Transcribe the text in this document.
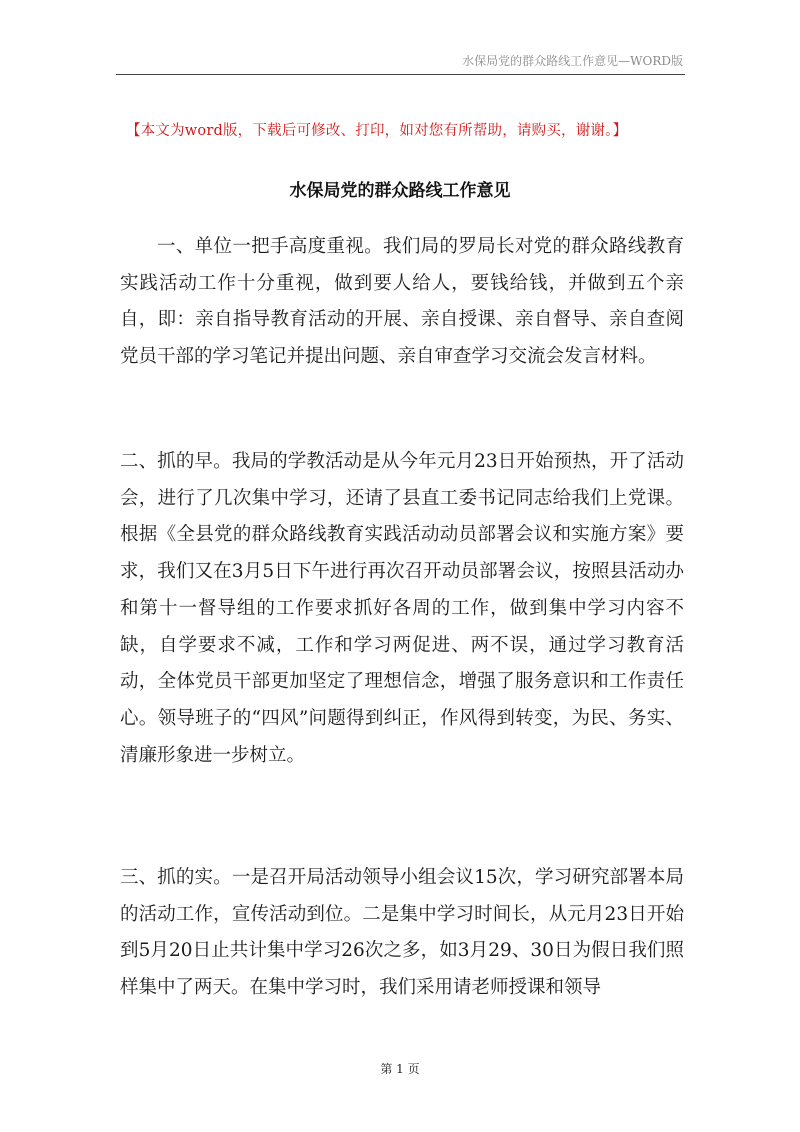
水保局党的群众路线工作意见—WORD版
【本文为word版，下载后可修改、打印，如对您有所帮助，请购买，谢谢。】
水保局党的群众路线工作意见

一、单位一把手高度重视。我们局的罗局长对党的群众路线教育实践活动工作十分重视，做到要人给人，要钱给钱，并做到五个亲自，即：亲自指导教育活动的开展、亲自授课、亲自督导、亲自查阅党员干部的学习笔记并提出问题、亲自审查学习交流会发言材料。

二、抓的早。我局的学教活动是从今年元月23日开始预热，开了活动会，进行了几次集中学习，还请了县直工委书记同志给我们上党课。根据《全县党的群众路线教育实践活动动员部署会议和实施方案》要求，我们又在3月5日下午进行再次召开动员部署会议，按照县活动办和第十一督导组的工作要求抓好各周的工作，做到集中学习内容不缺，自学要求不减，工作和学习两促进、两不误，通过学习教育活动，全体党员干部更加坚定了理想信念，增强了服务意识和工作责任心。领导班子的“四风”问题得到纠正，作风得到转变，为民、务实、清廉形象进一步树立。

三、抓的实。一是召开局活动领导小组会议15次，学习研究部署本局的活动工作，宣传活动到位。二是集中学习时间长，从元月23日开始到5月20日止共计集中学习26次之多，如3月29、30日为假日我们照样集中了两天。在集中学习时，我们采用请老师授课和领导

第 1 页
